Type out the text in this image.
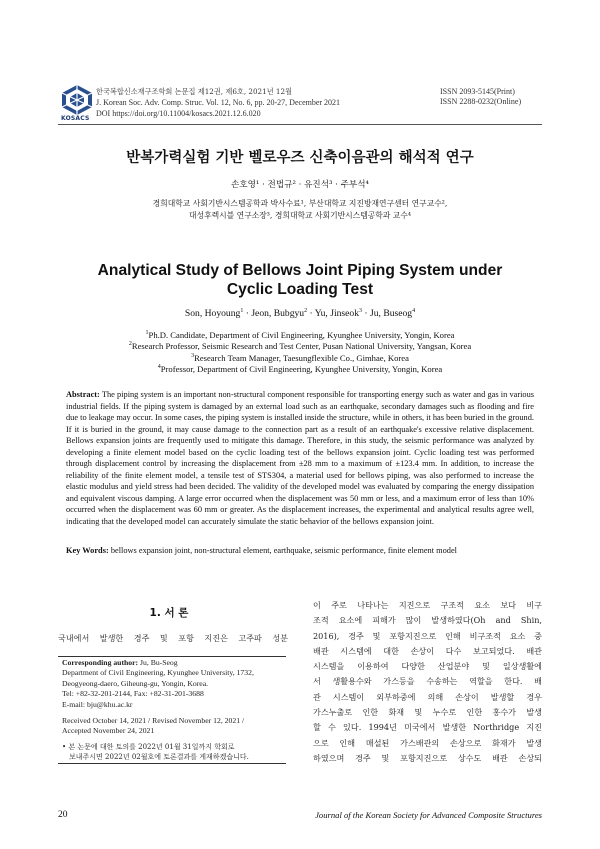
KOSACS
한국복합신소재구조학회 논문집 제12권, 제6호, 2021년 12월
J. Korean Soc. Adv. Comp. Struc. Vol. 12, No. 6, pp. 20-27, December 2021
DOI https://doi.org/10.11004/kosacs.2021.12.6.020
ISSN 2093-5145(Print)
ISSN 2288-0232(Online)
반복가력실험 기반 벨로우즈 신축이음관의 해석적 연구
손호영¹ · 전법규² · 유진석³ · 주부석⁴
경희대학교 사회기반시스템공학과 박사수료¹, 부산대학교 지진방재연구센터 연구교수²,
대성후렉시블 연구소장³, 경희대학교 사회기반시스템공학과 교수⁴
Analytical Study of Bellows Joint Piping System under
Cyclic Loading Test
Son, Hoyoung$^1$ · Jeon, Bubgyu$^2$ · Yu, Jinseok$^3$ · Ju, Buseog$^4$
$^1$Ph.D. Candidate, Department of Civil Engineering, Kyunghee University, Yongin, Korea
$^2$Research Professor, Seismic Research and Test Center, Pusan National University, Yangsan, Korea
$^3$Research Team Manager, Taesungflexible Co., Gimhae, Korea
$^4$Professor, Department of Civil Engineering, Kyunghee University, Yongin, Korea
Abstract: The piping system is an important non-structural component responsible for transporting energy such as water and gas in various industrial fields. If the piping system is damaged by an external load such as an earthquake, secondary damages such as flooding and fire due to leakage may occur. In some cases, the piping system is installed inside the structure, while in others, it has been buried in the ground. If it is buried in the ground, it may cause damage to the connection part as a result of an earthquake's excessive relative displacement. Bellows expansion joints are frequently used to mitigate this damage. Therefore, in this study, the seismic performance was analyzed by developing a finite element model based on the cyclic loading test of the bellows expansion joint. Cyclic loading test was performed through displacement control by increasing the displacement from ±28 mm to a maximum of ±123.4 mm. In addition, to increase the reliability of the finite element model, a tensile test of STS304, a material used for bellows piping, was also performed to increase the elastic modulus and yield stress had been decided. The validity of the developed model was evaluated by comparing the energy dissipation and equivalent viscous damping. A large error occurred when the displacement was 50 mm or less, and a maximum error of less than 10% occurred when the displacement was 60 mm or greater. As the displacement increases, the experimental and analytical results agree well, indicating that the developed model can accurately simulate the static behavior of the bellows expansion joint.
Key Words: bellows expansion joint, non-structural element, earthquake, seismic performance, finite element model
1. 서 론
국내에서 발생한 경주 및 포항 지진은 고주파 성분
Corresponding author: Ju, Bu-Seog
Department of Civil Engineering, Kyunghee University, 1732,
Deogyeong-daero, Giheung-gu, Yongin, Korea.
Tel: +82-32-201-2144, Fax: +82-31-201-3688
E-mail: bju@khu.ac.kr
Received October 14, 2021 / Revised November 12, 2021 /
Accepted November 24, 2021
• 본 논문에 대한 토의를 2022년 01월 31일까지 학회로
보내주시면 2022년 02월호에 토론결과를 게재하겠습니다.
이 주로 나타나는 지진으로 구조적 요소 보다 비구
조적 요소에 피해가 많이 발생하였다(Oh and Shin,
2016), 경주 및 포항지진으로 인해 비구조적 요소 중
배관 시스템에 대한 손상이 다수 보고되었다. 배관
시스템을 이용하여 다양한 산업분야 및 일상생활에
서 생활용수와 가스등을 수송하는 역할을 한다. 배
관 시스템이 외부하중에 의해 손상이 발생할 경우
가스누출로 인한 화재 및 누수로 인한 홍수가 발생
할 수 있다. 1994년 미국에서 발생한 Northridge 지진
으로 인해 매설된 가스배관의 손상으로 화재가 발생
하였으며 경주 및 포항지진으로 상수도 배관 손상되
20	Journal of the Korean Society for Advanced Composite Structures
